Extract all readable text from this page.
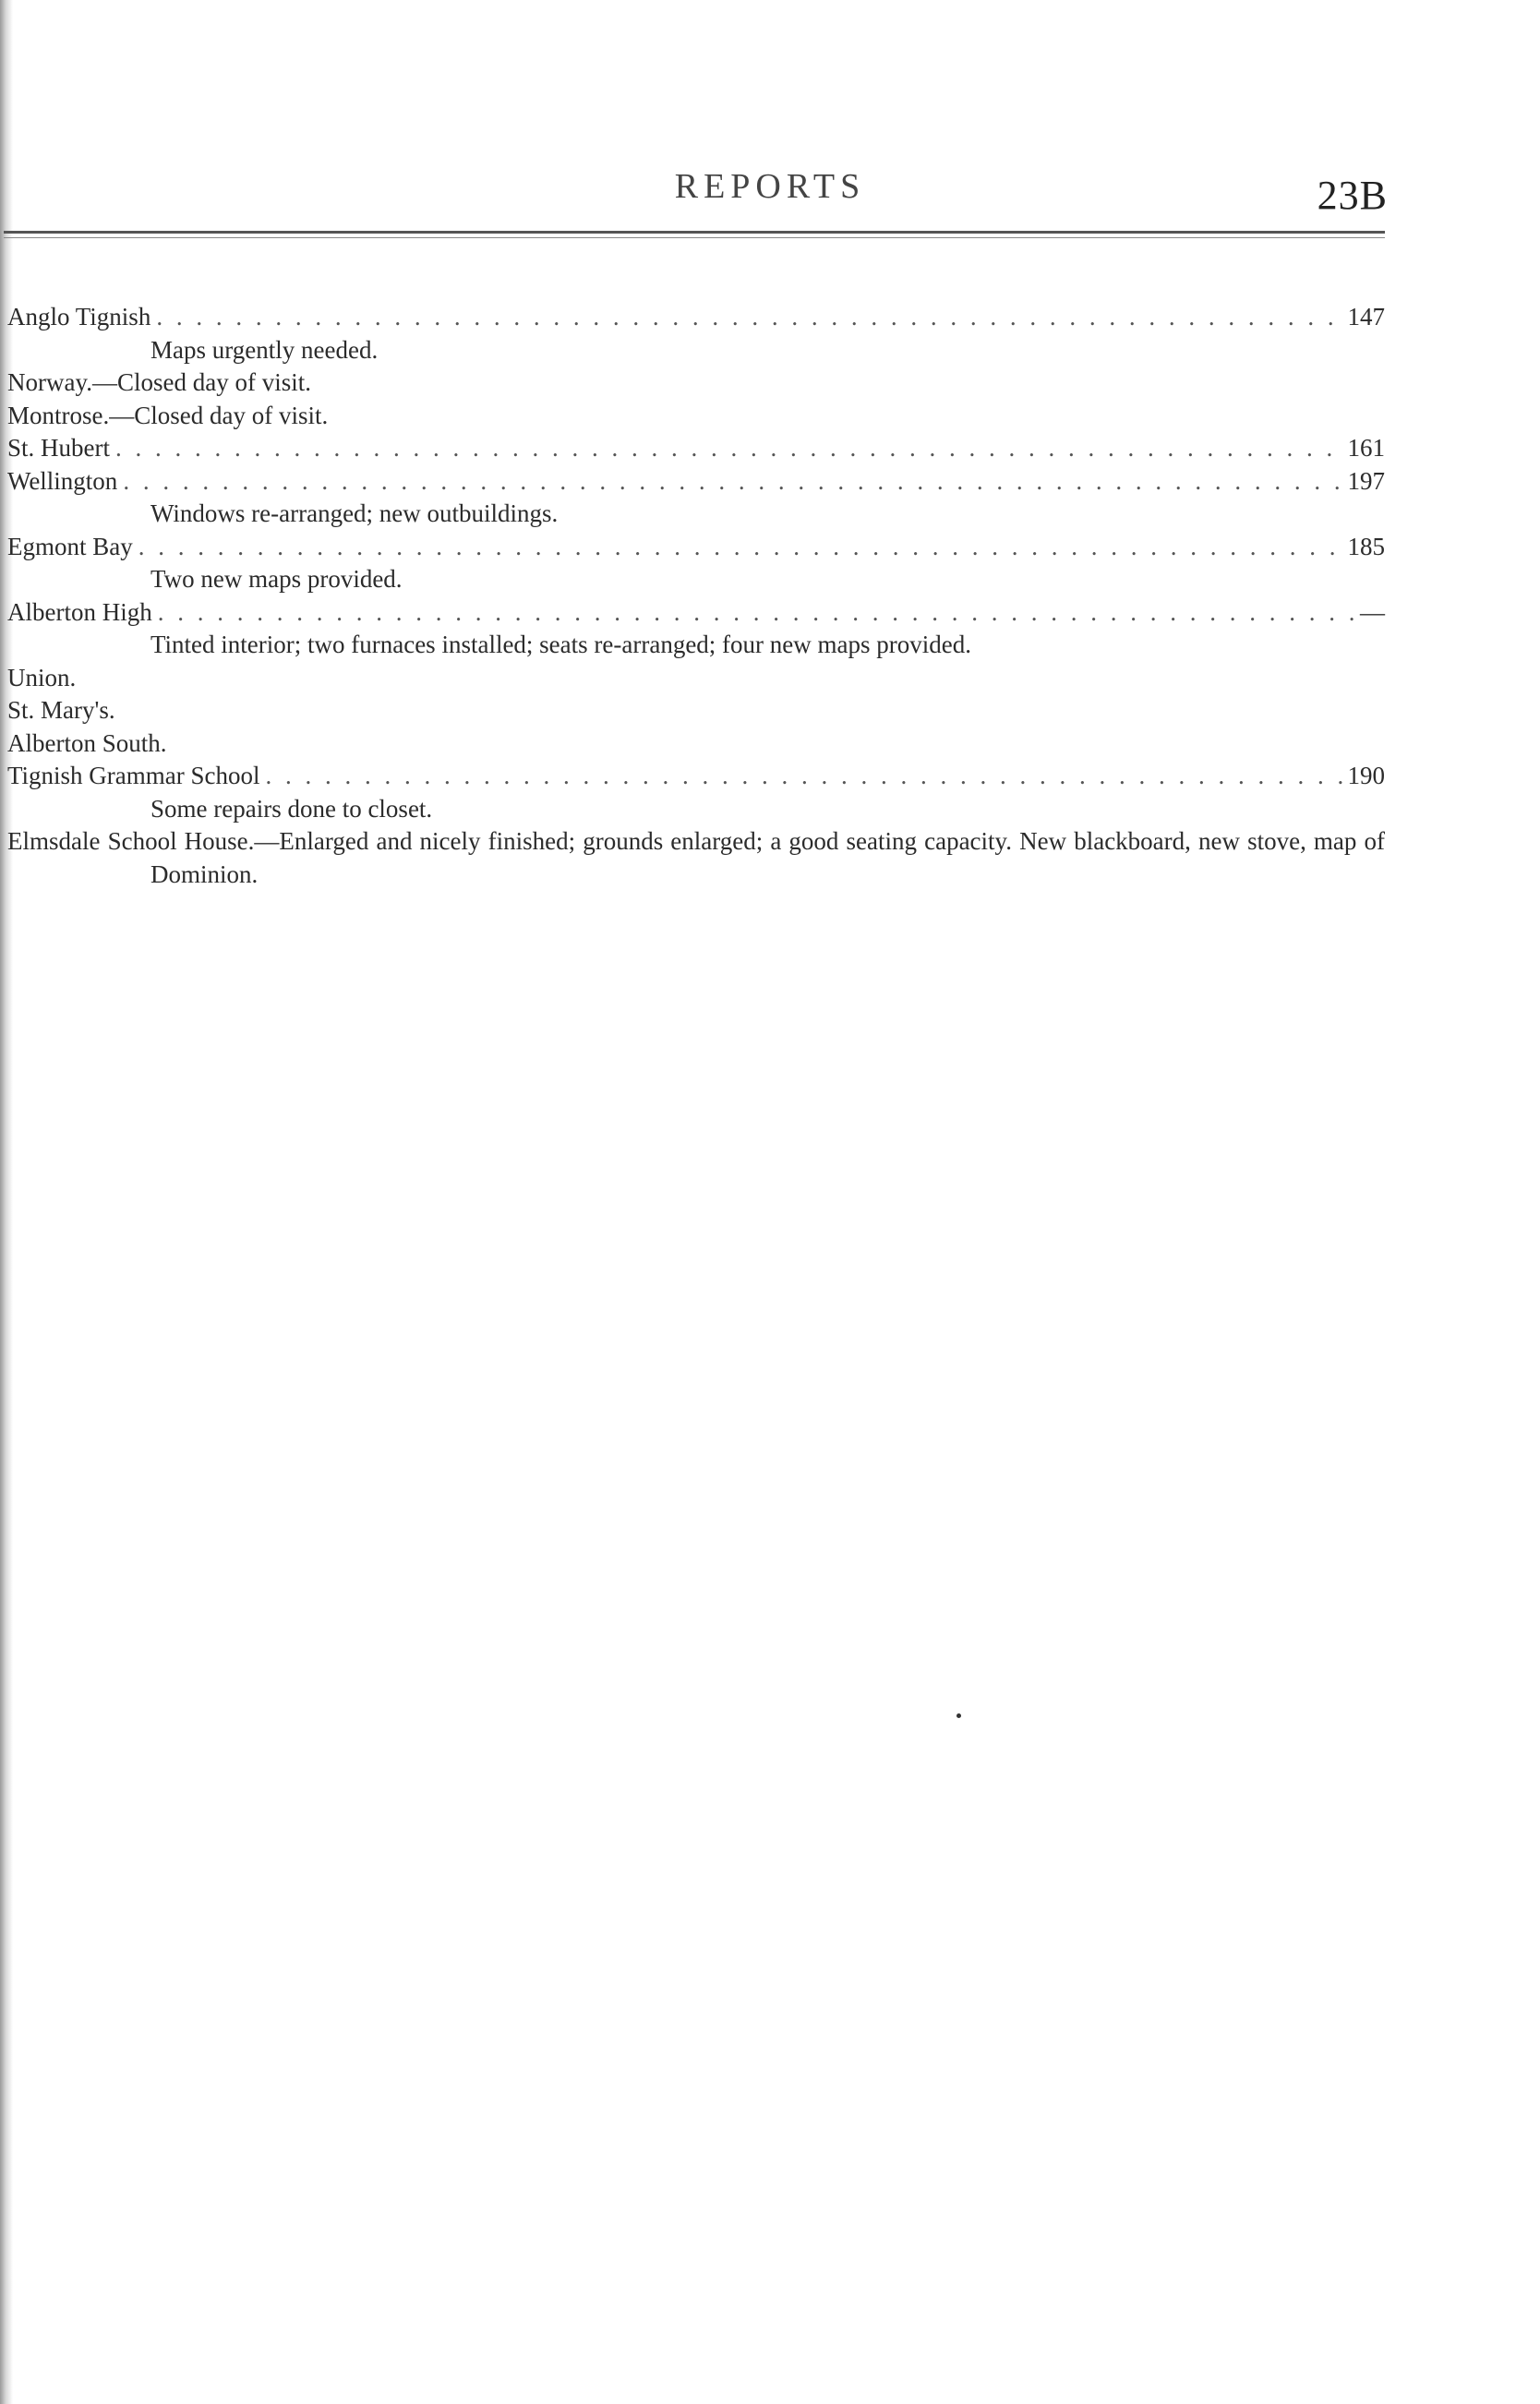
REPORTS	23B
Anglo Tignish . . .	147
Maps urgently needed.
Norway.—Closed day of visit.
Montrose.—Closed day of visit.
St. Hubert . . .	161
Wellington . . .	197
Windows re-arranged; new outbuildings.
Egmont Bay . . .	185
Two new maps provided.
Alberton High . . .	—
Tinted interior; two furnaces installed; seats re-arranged; four new maps provided.
Union.
St. Mary's.
Alberton South.
Tignish Grammar School . . .	190
Some repairs done to closet.
Elmsdale School House.—Enlarged and nicely finished; grounds enlarged; a good seating capacity. New blackboard, new stove, map of Dominion.
